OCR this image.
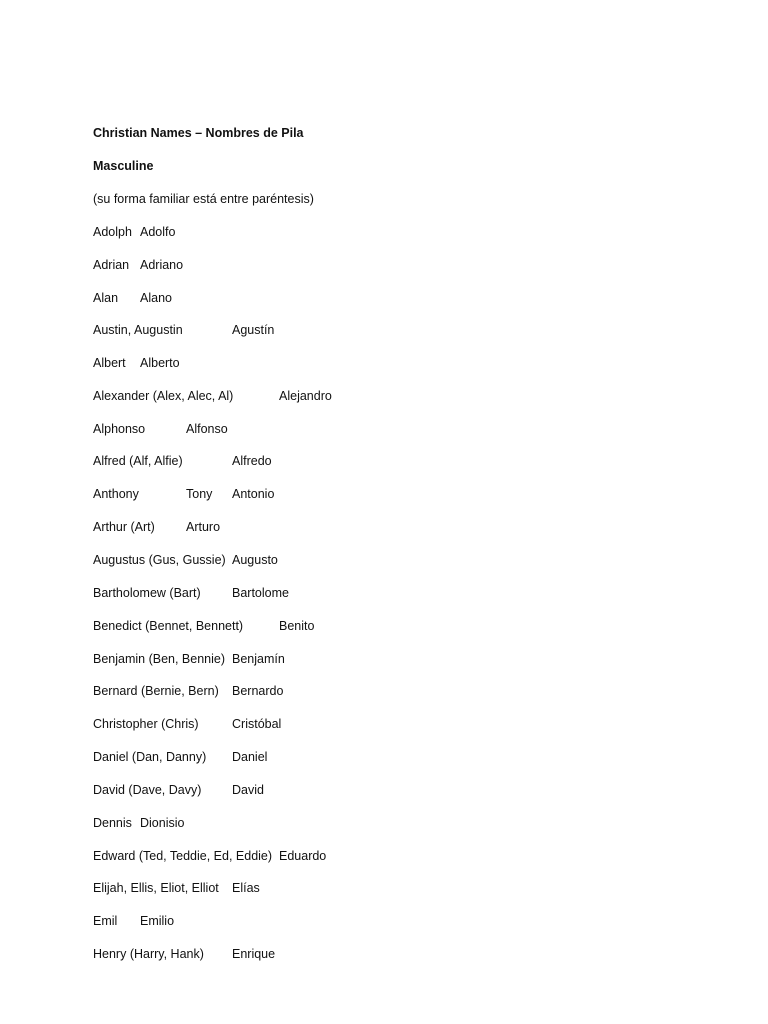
Christian Names – Nombres de Pila
Masculine
(su forma familiar está entre paréntesis)
Adolph Adolfo
Adrian Adriano
Alan Alano
Austin, Augustin	Agustín
Albert Alberto
Alexander (Alex, Alec, Al)	Alejandro
Alphonso	Alfonso
Alfred (Alf, Alfie)	Alfredo
Anthony	Tony Antonio
Arthur (Art) Arturo
Augustus (Gus, Gussie) Augusto
Bartholomew (Bart)	Bartolome
Benedict (Bennet, Bennett)	Benito
Benjamin (Ben, Bennie) Benjamín
Bernard (Bernie, Bern) Bernardo
Christopher (Chris)	Cristóbal
Daniel (Dan, Danny) Daniel
David (Dave, Davy) David
Dennis Dionisio
Edward (Ted, Teddie, Ed, Eddie) Eduardo
Elijah, Ellis, Eliot, Elliot Elías
Emil Emilio
Henry (Harry, Hank) Enrique
